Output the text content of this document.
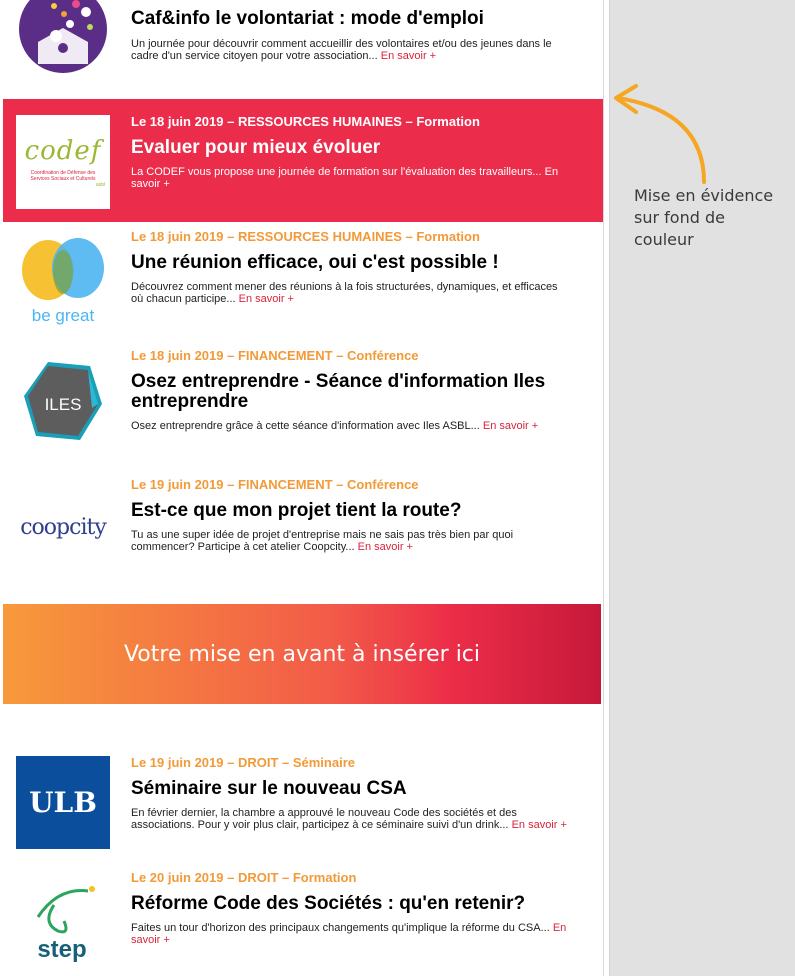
Caf&info le volontariat : mode d'emploi
Un journée pour découvrir comment accueillir des volontaires et/ou des jeunes dans le cadre d'un service citoyen pour votre association... En savoir +
codef
Coordination de Défense des Services Sociaux et Culturels
asbl
Le 18 juin 2019 – RESSOURCES HUMAINES – Formation
Evaluer pour mieux évoluer
La CODEF vous propose une journée de formation sur l'évaluation des travailleurs... En savoir +
be great
Le 18 juin 2019 – RESSOURCES HUMAINES – Formation
Une réunion efficace, oui c'est possible !
Découvrez comment mener des réunions à la fois structurées, dynamiques, et efficaces où chacun participe... En savoir +
ILES
Le 18 juin 2019 – FINANCEMENT – Conférence
Osez entreprendre - Séance d'information Iles entreprendre
Osez entreprendre grâce à cette séance d'information avec Iles ASBL... En savoir +
coopcity
Le 19 juin 2019 – FINANCEMENT – Conférence
Est-ce que mon projet tient la route?
Tu as une super idée de projet d'entreprise mais ne sais pas très bien par quoi commencer? Participe à cet atelier Coopcity... En savoir +
Votre mise en avant à insérer ici
ULB
Le 19 juin 2019 – DROIT – Séminaire
Séminaire sur le nouveau CSA
En février dernier, la chambre a approuvé le nouveau Code des sociétés et des associations. Pour y voir plus clair, participez à ce séminaire suivi d'un drink... En savoir +
step
Le 20 juin 2019 – DROIT – Formation
Réforme Code des Sociétés : qu'en retenir?
Faites un tour d'horizon des principaux changements qu'implique la réforme du CSA... En savoir +
Mise en évidence sur fond de couleur
